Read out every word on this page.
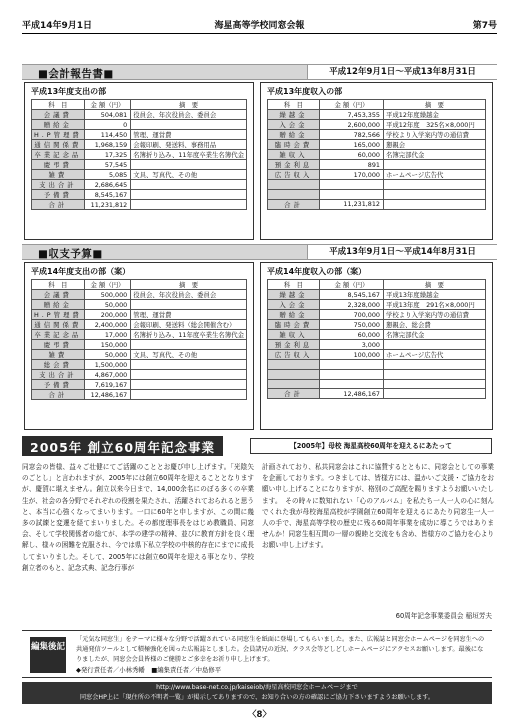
平成14年9月1日	海星高等学校同窓会報	第7号
■会計報告書■	平成12年9月1日～平成13年8月31日
平成13年度支出の部
科　目	金 額（円）	摘　要
会議費	504,081	役員会、年次役員会、委員会
贈給金	0	
H.P管理費	114,450	管理、運営費
通信関係費	1,968,159	会報印刷、発送料、事務用品
卒業記念品	17,325	名簿折り込み、11年度卒業生名簿代金
慶弔費	57,545	
雑費	5,085	文具、写真代、その他
支出合計	2,686,645	
予備費	8,545,167	
合計	11,231,812	
平成13年度収入の部
科　目	金 額（円）	摘　要
繰越金	7,453,355	平成12年度繰越金
入会金	2,600,000	平成12年度　325名×8,000円
贈給金	782,566	学校より入学案内等の通信費
臨時会費	165,000	懇親会
雑収入	60,000	名簿完部代金
預金利息	891	
広告収入	170,000	ホームページ広告代

合計	11,231,812	
■収支予算■	平成13年9月1日～平成14年8月31日
平成14年度支出の部（案）
科　目	金 額（円）	摘　要
会議費	500,000	役員会、年次役員会、委員会
贈給金	50,000	
H.P管理費	200,000	管理、運営費
通信関係費	2,400,000	会報印刷、発送料（総会開催含む）
卒業記念品	17,000	名簿折り込み、11年度卒業生名簿代金
慶弔費	150,000	
雑費	50,000	文具、写真代、その他
総会費	1,500,000	
支出合計	4,867,000	
予備費	7,619,167	
合計	12,486,167	
平成14年度収入の部（案）
科　目	金 額（円）	摘　要
繰越金	8,545,167	平成13年度繰越金
入会金	2,328,000	平成13年度　291名×8,000円
贈給金	700,000	学校より入学案内等の通信費
臨時会費	750,000	懇親会、総会費
雑収入	60,000	名簿完部代金
預金利息	3,000	
広告収入	100,000	ホームページ広告代

合計	12,486,167	
2005年 創立60周年記念事業	【2005年】母校 海星高校60周年を迎えるにあたって
同窓会の皆様、益々ご壮健にてご活躍のこととお慶び申し上げます。「光陰矢のごとし」と言われますが、2005年には創立60周年を迎えることとなりますが、慶賀に堪えません。創立以来今日まで、14,000余名にのぼる多くの卒業生が、社会の各分野でそれぞれの役割を果たされ、活躍されておられると思うと、本当に心強くなってまいります。一口に60年と申しますが、この間に幾多の試練と変遷を経てまいりました。その都度理事長をはじめ教職員、同窓会、そして学校関係者の総てが、本学の建学の精神、並びに教育方針を良く理解し、様々の困難を克服され、今では県下私立学校の中核的存在にまでに成長してまいりました。そして、2005年には創立60周年を迎える事となり、学校創立者のもと、記念式典、記念行事が
計画されており、私共同窓会はこれに協賛するとともに、同窓会としての事業を企画しております。つきましては、皆様方には、温かいご支援・ご協力をお願い申し上げることになりますが、格別のご高配を賜りますようお願いいたします。　その時々に数知れない「心のアルバム」を私たち一人一人の心に刻んでくれた我が母校海星高校が学園創立60周年を迎えるにあたり同窓生一人一人の手で、海星高等学校の歴史に残る60周年事業を成功に導こうではありませんか！同窓生相互間の一層の親睦と交流をも含め、皆様方のご協力を心よりお願い申し上げます。
60周年記念事業委員会 稲垣芳夫
編集後記
「元気な同窓生」をテーマに様々な分野で活躍されている同窓生を紙面に登場してもらいました。また、広報誌と同窓会ホームページを同窓生への共通発信ツールとして積極強化を図った広報誌としました。会員諸兄の近況、クラス会等どしどしホームページにアクセスお願いします。最後になりましたが、同窓会会員皆様のご健勝とご多幸をお祈り申し上げます。
◆発行責任者／小林秀幡　■編集責任者／中島修平
http://www.base-net.co.jp/kaiseiob/海星高校同窓会ホームページまで
同窓会HP上に「現住所の不明者一覧」が掲示してありますので、お知り合いの方の確認にご協力下さいますようお願いします。
〈8〉
